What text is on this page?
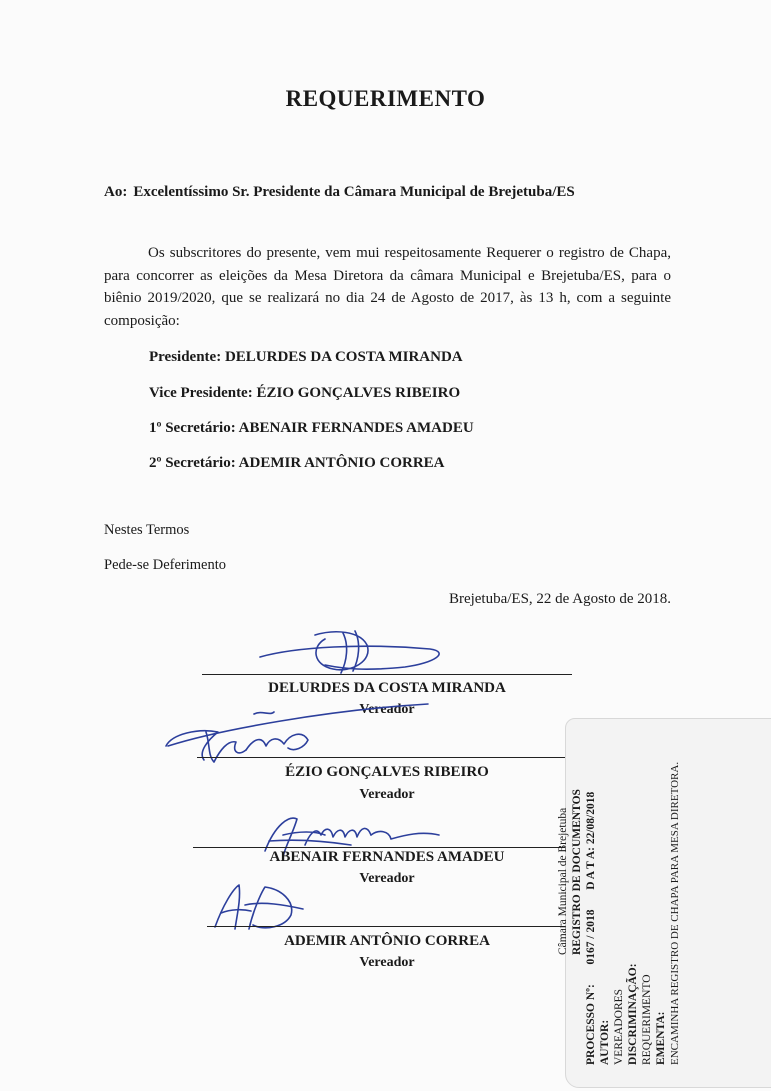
REQUERIMENTO
Ao: Excelentíssimo Sr. Presidente da Câmara Municipal de Brejetuba/ES
Os subscritores do presente, vem mui respeitosamente Requerer o registro de Chapa, para concorrer as eleições da Mesa Diretora da câmara Municipal e Brejetuba/ES, para o biênio 2019/2020, que se realizará no dia 24 de Agosto de 2017, às 13 h, com a seguinte composição:
Presidente: DELURDES DA COSTA MIRANDA
Vice Presidente: ÉZIO GONÇALVES RIBEIRO
1º Secretário: ABENAIR FERNANDES AMADEU
2º Secretário: ADEMIR ANTÔNIO CORREA
Nestes Termos
Pede-se Deferimento
Brejetuba/ES, 22 de Agosto de 2018.
DELURDES DA COSTA MIRANDA
Vereador
ÉZIO GONÇALVES RIBEIRO
Vereador
ABENAIR FERNANDES AMADEU
Vereador
ADEMIR ANTÔNIO CORREA
Vereador
Câmara Municipal de Brejetuba REGISTRO DE DOCUMENTOS
PROCESSO Nº:  0167 / 2018  D A T A: 22/08/2018
AUTOR: VEREADORES DISCRIMINAÇÃO: REQUERIMENTO EMENTA: ENCAMINHA REGISTRO DE CHAPA PARA MESA DIRETORA.
